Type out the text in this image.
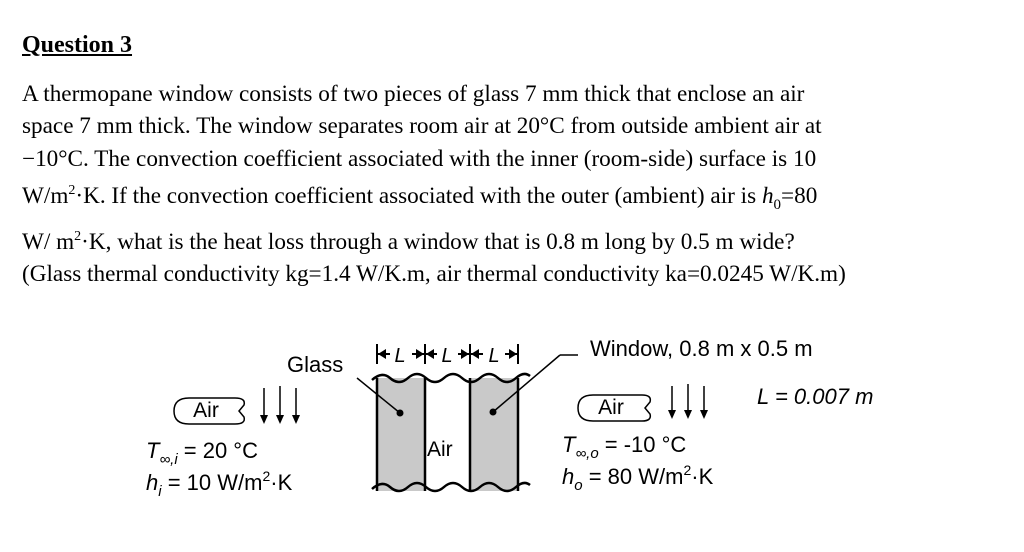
Question 3
A thermopane window consists of two pieces of glass 7 mm thick that enclose an air
space 7 mm thick. The window separates room air at 20°C from outside ambient air at
−10°C. The convection coefficient associated with the inner (room-side) surface is 10
$W/m^2\cdot K$. If the convection coefficient associated with the outer (ambient) air is $h_0=80$
W/ $m^2\cdot K$, what is the heat loss through a window that is 0.8 m long by 0.5 m wide?
(Glass thermal conductivity kg=1.4 W/K.m, air thermal conductivity ka=0.0245 W/K.m)
L L L
Glass
Window, 0.8 m x 0.5 m
L = 0.007 m
Air
Air	Air
$T_{\infty,i} = 20$ °C
$h_i = 10$ $W/m^2\cdot K$
$T_{\infty,o} = -10$ °C
$h_o = 80$ $W/m^2\cdot K$
